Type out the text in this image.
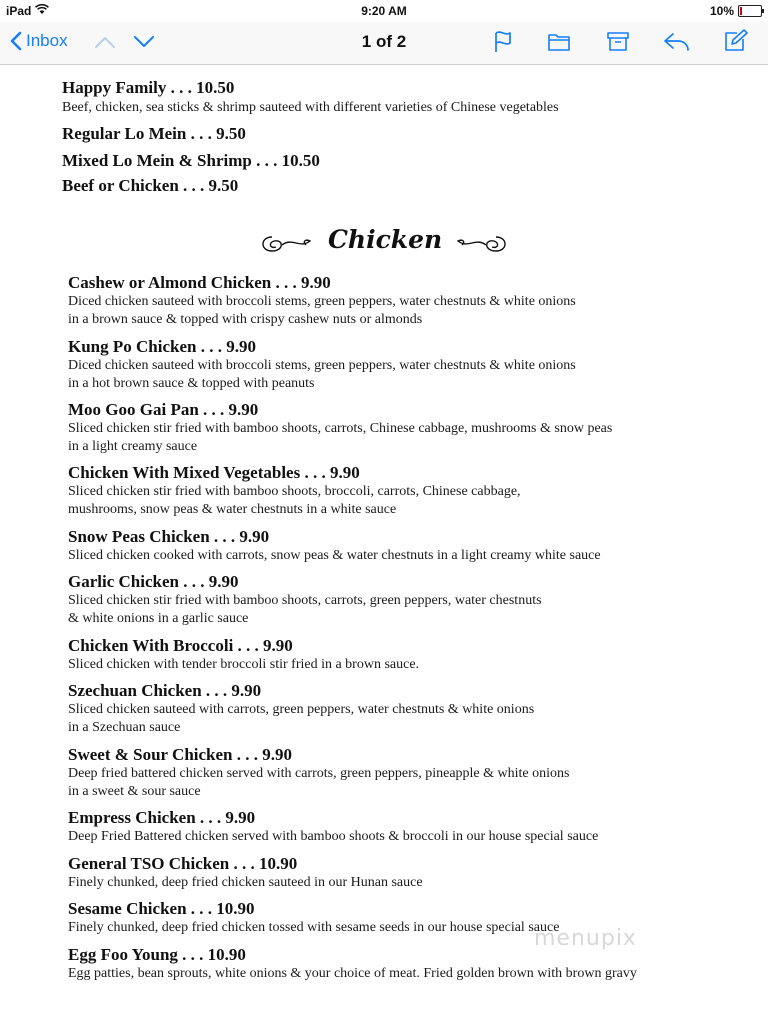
iPad	9:20 AM	10%
Inbox	1 of 2
Happy Family . . . 10.50
Beef, chicken, sea sticks & shrimp sauteed with different varieties of Chinese vegetables
Regular Lo Mein . . . 9.50
Mixed Lo Mein & Shrimp . . . 10.50
Beef or Chicken . . . 9.50
Chicken
Cashew or Almond Chicken . . . 9.90
Diced chicken sauteed with broccoli stems, green peppers, water chestnuts & white onions
in a brown sauce & topped with crispy cashew nuts or almonds
Kung Po Chicken . . . 9.90
Diced chicken sauteed with broccoli stems, green peppers, water chestnuts & white onions
in a hot brown sauce & topped with peanuts
Moo Goo Gai Pan . . . 9.90
Sliced chicken stir fried with bamboo shoots, carrots, Chinese cabbage, mushrooms & snow peas
in a light creamy sauce
Chicken With Mixed Vegetables . . . 9.90
Sliced chicken stir fried with bamboo shoots, broccoli, carrots, Chinese cabbage,
mushrooms, snow peas & water chestnuts in a white sauce
Snow Peas Chicken . . . 9.90
Sliced chicken cooked with carrots, snow peas & water chestnuts in a light creamy white sauce
Garlic Chicken . . . 9.90
Sliced chicken stir fried with bamboo shoots, carrots, green peppers, water chestnuts
& white onions in a garlic sauce
Chicken With Broccoli . . . 9.90
Sliced chicken with tender broccoli stir fried in a brown sauce.
Szechuan Chicken . . . 9.90
Sliced chicken sauteed with carrots, green peppers, water chestnuts & white onions
in a Szechuan sauce
Sweet & Sour Chicken . . . 9.90
Deep fried battered chicken served with carrots, green peppers, pineapple & white onions
in a sweet & sour sauce
Empress Chicken . . . 9.90
Deep Fried Battered chicken served with bamboo shoots & broccoli in our house special sauce
General TSO Chicken . . . 10.90
Finely chunked, deep fried chicken sauteed in our Hunan sauce
Sesame Chicken . . . 10.90
Finely chunked, deep fried chicken tossed with sesame seeds in our house special sauce
Egg Foo Young . . . 10.90
Egg patties, bean sprouts, white onions & your choice of meat. Fried golden brown with brown gravy
menupix
